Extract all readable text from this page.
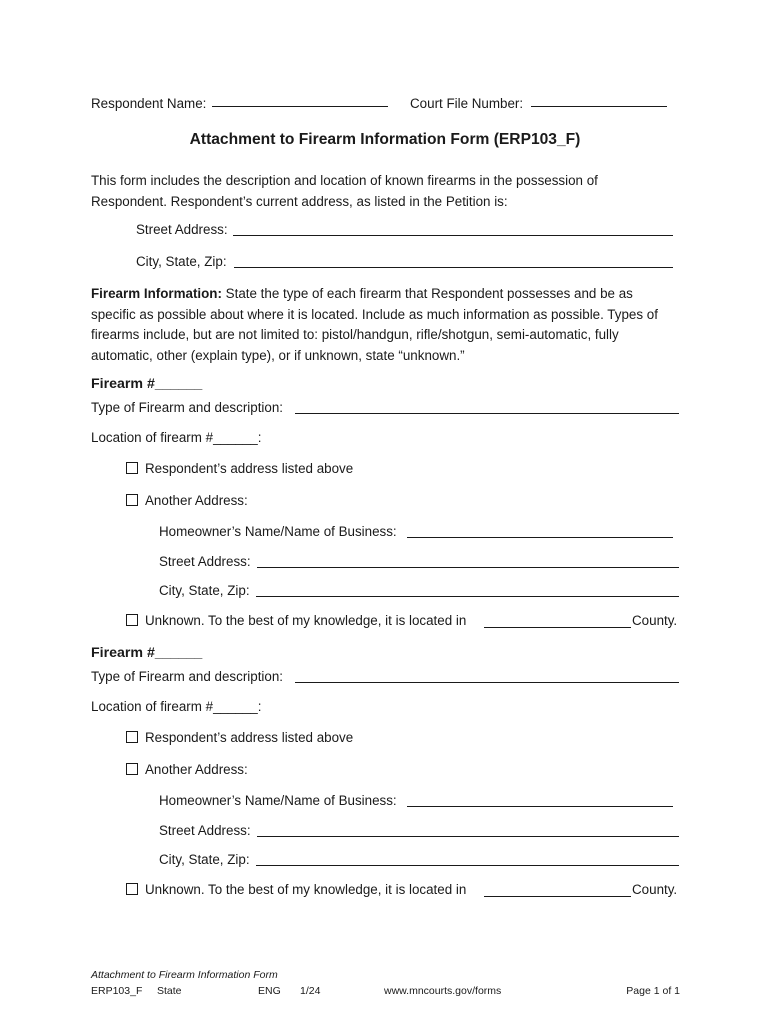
Respondent Name:	Court File Number:
Attachment to Firearm Information Form (ERP103_F)
This form includes the description and location of known firearms in the possession of
Respondent. Respondent’s current address, as listed in the Petition is:
Street Address:
City, State, Zip:
Firearm Information: State the type of each firearm that Respondent possesses and be as
specific as possible about where it is located. Include as much information as possible. Types of
firearms include, but are not limited to: pistol/handgun, rifle/shotgun, semi-automatic, fully
automatic, other (explain type), or if unknown, state “unknown.”
Firearm #______
Type of Firearm and description:
Location of firearm #______:
Respondent’s address listed above
Another Address:
Homeowner’s Name/Name of Business:
Street Address:
City, State, Zip:
Unknown. To the best of my knowledge, it is located in	County.
Firearm #______
Type of Firearm and description:
Location of firearm #______:
Respondent’s address listed above
Another Address:
Homeowner’s Name/Name of Business:
Street Address:
City, State, Zip:
Unknown. To the best of my knowledge, it is located in	County.
Attachment to Firearm Information Form
ERP103_F State	ENG 1/24	www.mncourts.gov/forms	Page 1 of 1
